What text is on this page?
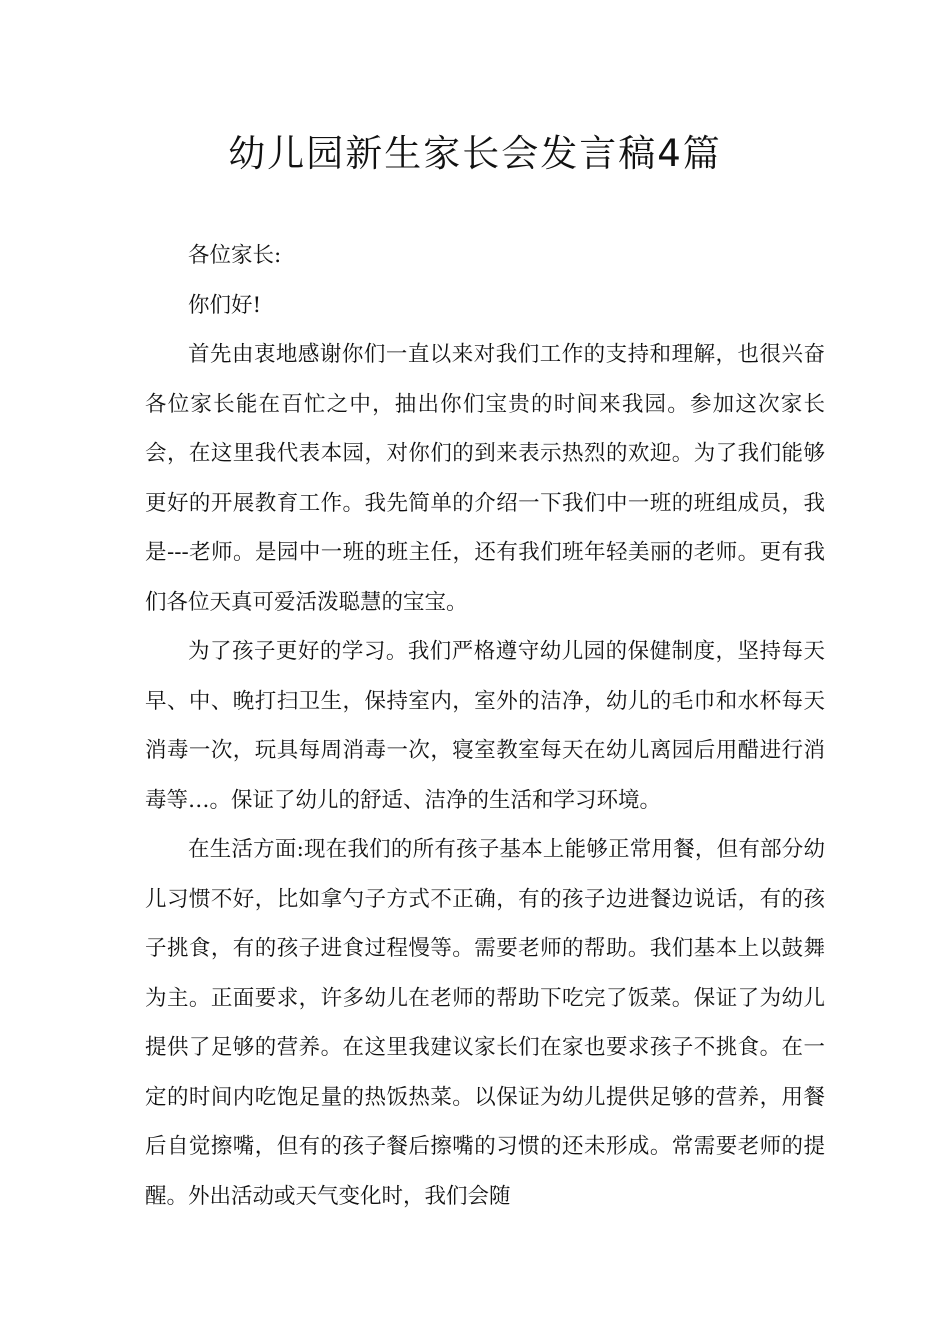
幼儿园新生家长会发言稿4篇

各位家长:

你们好!

首先由衷地感谢你们一直以来对我们工作的支持和理解，也很兴奋各位家长能在百忙之中，抽出你们宝贵的时间来我园。参加这次家长会，在这里我代表本园，对你们的到来表示热烈的欢迎。为了我们能够更好的开展教育工作。我先简单的介绍一下我们中一班的班组成员，我是---老师。是园中一班的班主任，还有我们班年轻美丽的老师。更有我们各位天真可爱活泼聪慧的宝宝。

为了孩子更好的学习。我们严格遵守幼儿园的保健制度，坚持每天早、中、晚打扫卫生，保持室内，室外的洁净，幼儿的毛巾和水杯每天消毒一次，玩具每周消毒一次，寝室教室每天在幼儿离园后用醋进行消毒等…。保证了幼儿的舒适、洁净的生活和学习环境。

在生活方面:现在我们的所有孩子基本上能够正常用餐，但有部分幼儿习惯不好，比如拿勺子方式不正确，有的孩子边进餐边说话，有的孩子挑食，有的孩子进食过程慢等。需要老师的帮助。我们基本上以鼓舞为主。正面要求，许多幼儿在老师的帮助下吃完了饭菜。保证了为幼儿提供了足够的营养。在这里我建议家长们在家也要求孩子不挑食。在一定的时间内吃饱足量的热饭热菜。以保证为幼儿提供足够的营养，用餐后自觉擦嘴，但有的孩子餐后擦嘴的习惯的还未形成。常需要老师的提醒。外出活动或天气变化时，我们会随
